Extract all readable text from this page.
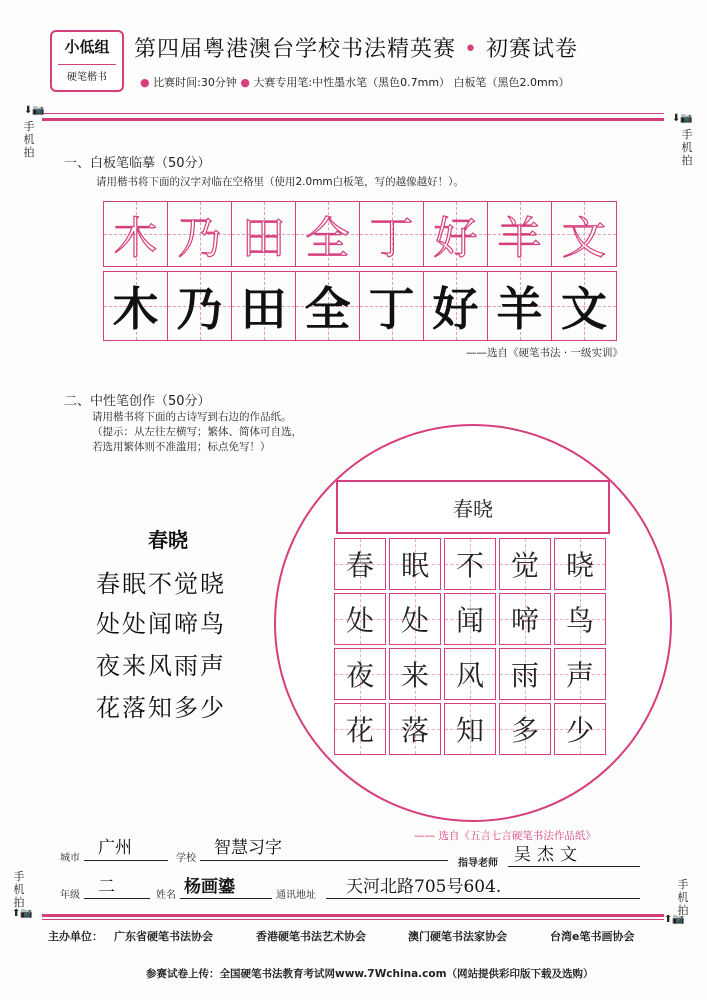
小低组
硬笔楷书
第四届粤港澳台学校书法精英赛 • 初赛试卷
● 比赛时间:30分钟 ● 大赛专用笔:中性墨水笔（黑色0.7mm） 白板笔（黑色2.0mm）
⬇📷
手机拍
⬇📷
手机拍
手机拍
⬆📷
手机拍
⬆📷
一、白板笔临摹（50分）
请用楷书将下面的汉字对临在空格里（使用2.0mm白板笔，写的越像越好！）。
木 乃 田 全 丁 好 羊 文
木 乃 田 全 丁 好 羊 文
——选自《硬笔书法 · 一级实训》
二、中性笔创作（50分）
请用楷书将下面的古诗写到右边的作品纸。
（提示：从左往左横写；繁体、简体可自选，
若选用繁体则不准滥用；标点免写！）
春晓
春眠不觉晓
处处闻啼鸟
夜来风雨声
花落知多少
春晓
春 眠 不 觉 晓
处 处 闻 啼 鸟
夜 来 风 雨 声
花 落 知 多 少
—— 选自《五言七言硬笔书法作品纸》
城市
广州
学校
智慧习字
指导老师 吴杰文
年级 二	姓名 杨画鎏	通讯地址 天河北路705号604.
主办单位： 广东省硬笔书法协会	香港硬笔书法艺术协会	澳门硬笔书法家协会	台湾e笔书画协会
参赛试卷上传：全国硬笔书法教育考试网www.7Wchina.com（网站提供彩印版下载及选购）
